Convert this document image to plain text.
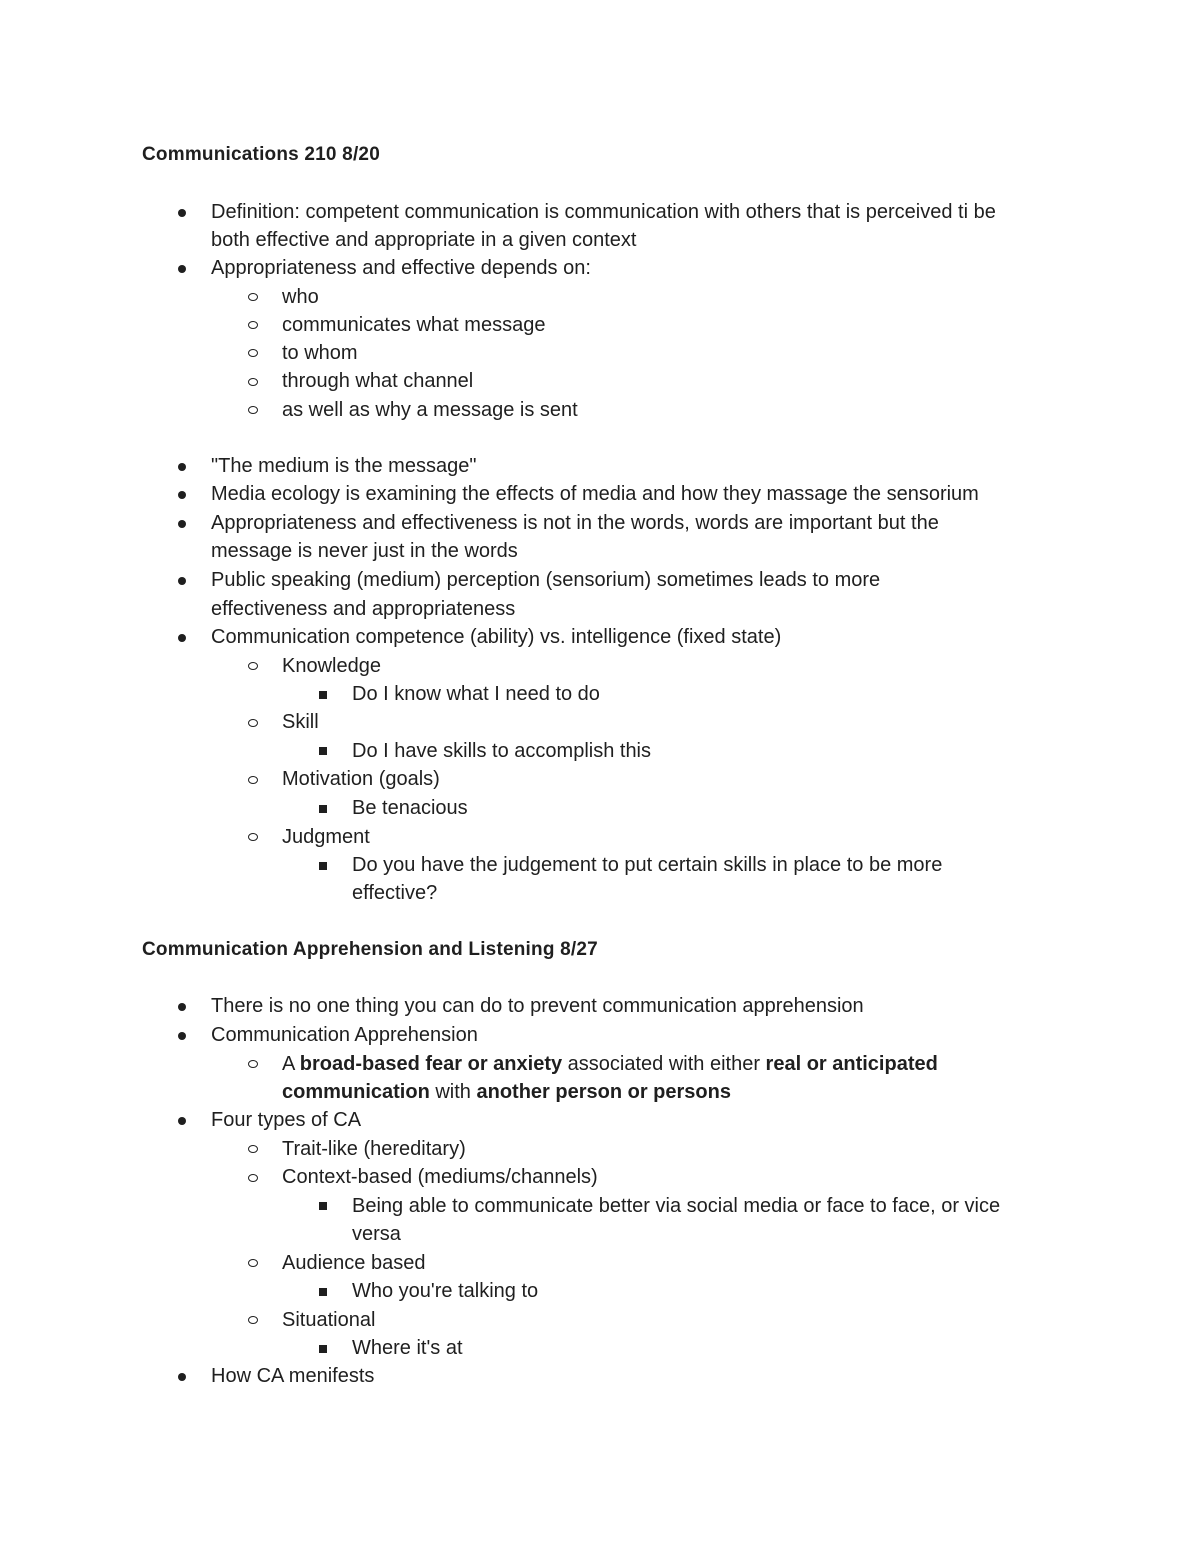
Communications 210 8/20
Definition: competent communication is communication with others that is perceived ti be
both effective and appropriate in a given context
Appropriateness and effective depends on:
who
communicates what message
to whom
through what channel
as well as why a message is sent
"The medium is the message"
Media ecology is examining the effects of media and how they massage the sensorium
Appropriateness and effectiveness is not in the words, words are important but the
message is never just in the words
Public speaking (medium) perception (sensorium) sometimes leads to more
effectiveness and appropriateness
Communication competence (ability) vs. intelligence (fixed state)
Knowledge
Do I know what I need to do
Skill
Do I have skills to accomplish this
Motivation (goals)
Be tenacious
Judgment
Do you have the judgement to put certain skills in place to be more
effective?
Communication Apprehension and Listening 8/27
There is no one thing you can do to prevent communication apprehension
Communication Apprehension
A broad-based fear or anxiety associated with either real or anticipated
communication with another person or persons
Four types of CA
Trait-like (hereditary)
Context-based (mediums/channels)
Being able to communicate better via social media or face to face, or vice
versa
Audience based
Who you're talking to
Situational
Where it's at
How CA menifests
